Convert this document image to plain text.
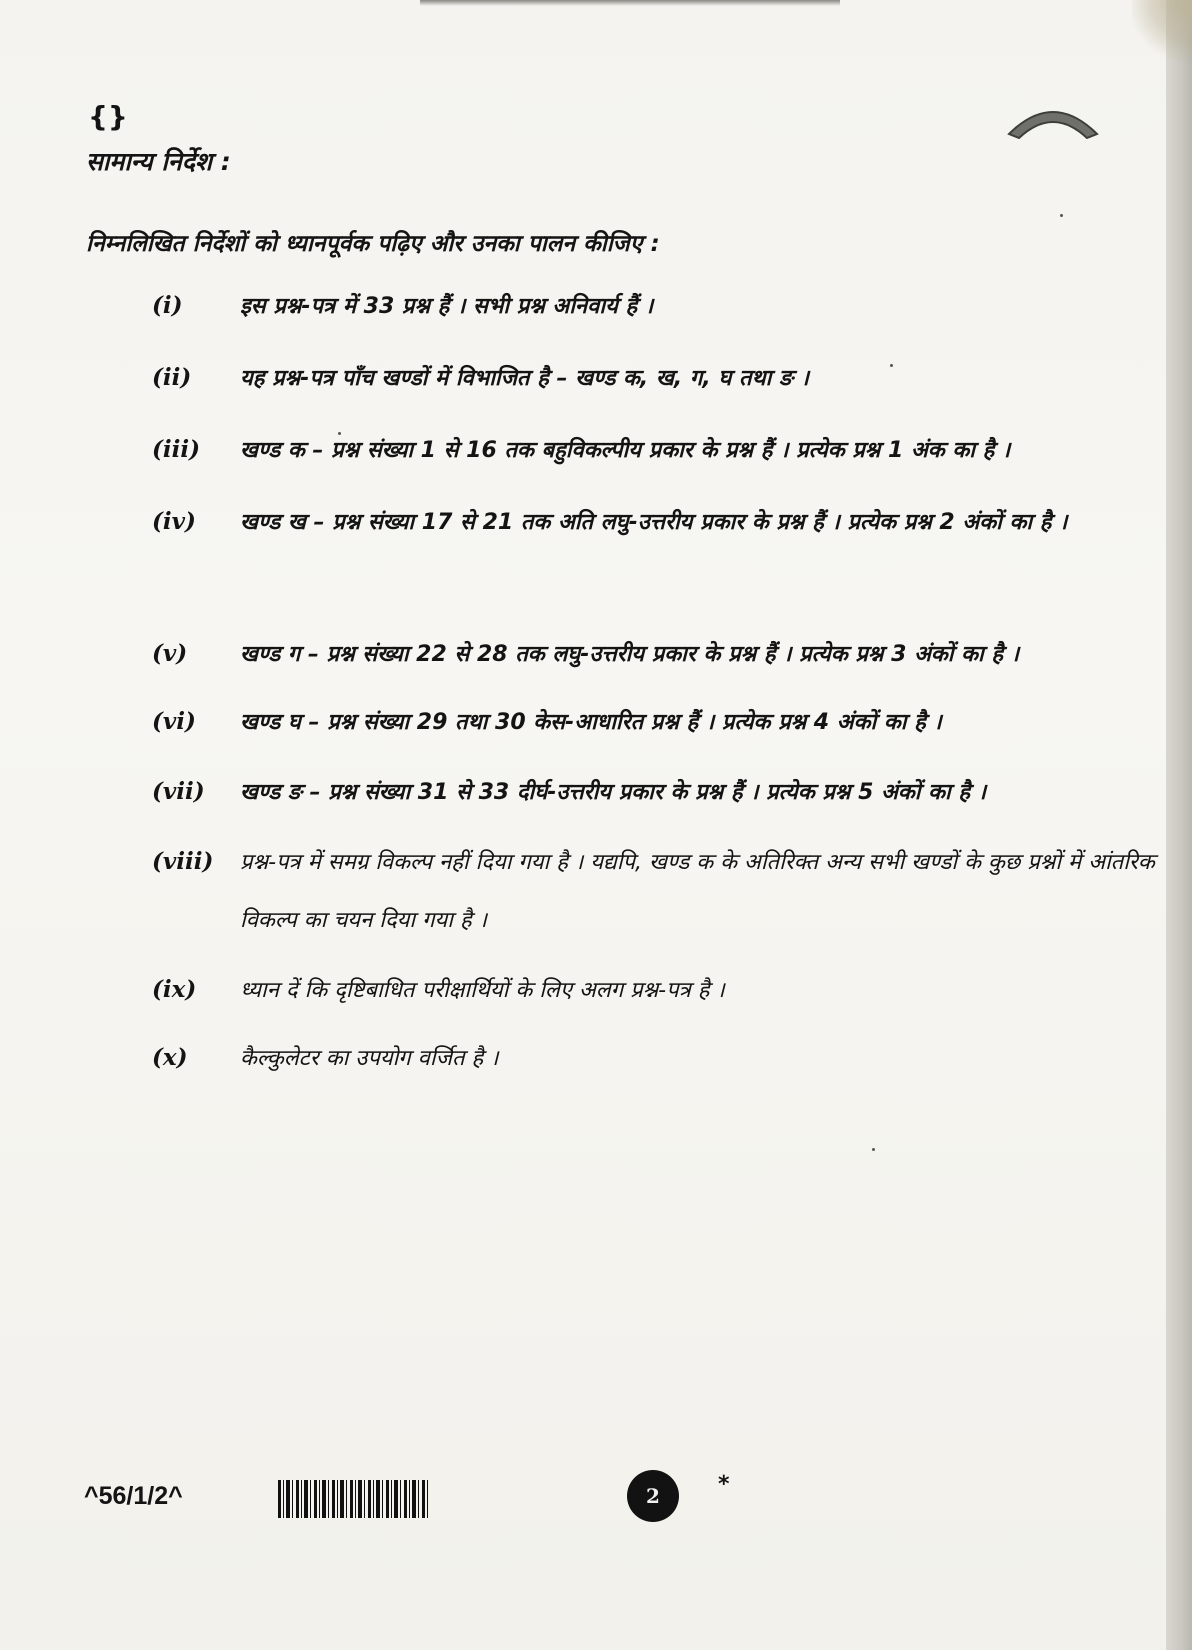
{}
सामान्य निर्देश :
निम्नलिखित निर्देशों को ध्यानपूर्वक पढ़िए और उनका पालन कीजिए :
(i)	इस प्रश्न-पत्र में 33 प्रश्न हैं । सभी प्रश्न अनिवार्य हैं ।
(ii) यह प्रश्न-पत्र पाँच खण्डों में विभाजित है – खण्ड क, ख, ग, घ तथा ङ ।
(iii) खण्ड क – प्रश्न संख्या 1 से 16 तक बहुविकल्पीय प्रकार के प्रश्न हैं । प्रत्येक प्रश्न 1 अंक का है ।
(iv) खण्ड ख – प्रश्न संख्या 17 से 21 तक अति लघु-उत्तरीय प्रकार के प्रश्न हैं । प्रत्येक प्रश्न 2 अंकों का है ।
(v) खण्ड ग – प्रश्न संख्या 22 से 28 तक लघु-उत्तरीय प्रकार के प्रश्न हैं । प्रत्येक प्रश्न 3 अंकों का है ।
(vi) खण्ड घ – प्रश्न संख्या 29 तथा 30 केस-आधारित प्रश्न हैं । प्रत्येक प्रश्न 4 अंकों का है ।
(vii) खण्ड ङ – प्रश्न संख्या 31 से 33 दीर्घ-उत्तरीय प्रकार के प्रश्न हैं । प्रत्येक प्रश्न 5 अंकों का है ।
(viii) प्रश्न-पत्र में समग्र विकल्प नहीं दिया गया है । यद्यपि, खण्ड क के अतिरिक्त अन्य सभी खण्डों के कुछ प्रश्नों में आंतरिक विकल्प का चयन दिया गया है ।
(ix) ध्यान दें कि दृष्टिबाधित परीक्षार्थियों के लिए अलग प्रश्न-पत्र है ।
(x) कैल्कुलेटर का उपयोग वर्जित है ।
^56/1/2^	2	*
